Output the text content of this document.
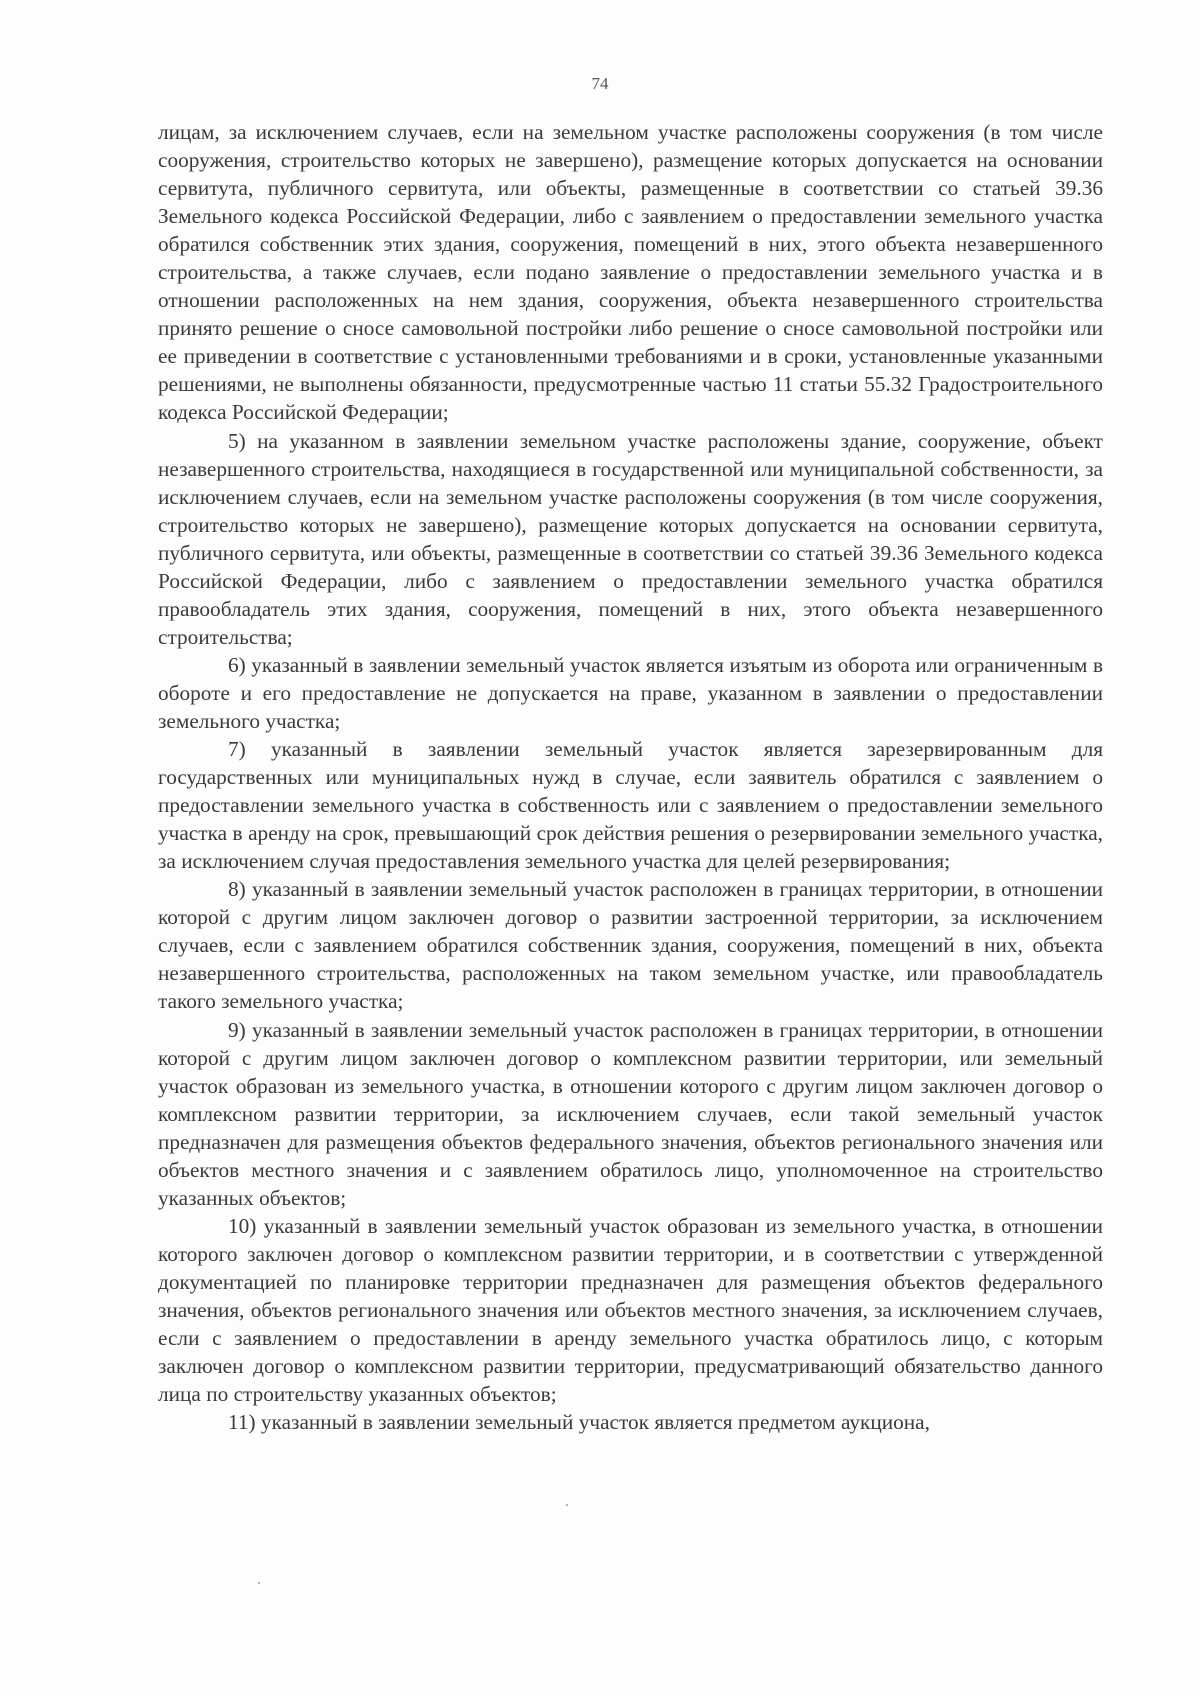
74

лицам, за исключением случаев, если на земельном участке расположены сооружения (в том числе сооружения, строительство которых не завершено), размещение которых допускается на основании сервитута, публичного сервитута, или объекты, размещенные в соответствии со статьей 39.36 Земельного кодекса Российской Федерации, либо с заявлением о предоставлении земельного участка обратился собственник этих здания, сооружения, помещений в них, этого объекта незавершенного строительства, а также случаев, если подано заявление о предоставлении земельного участка и в отношении расположенных на нем здания, сооружения, объекта незавершенного строительства принято решение о сносе самовольной постройки либо решение о сносе самовольной постройки или ее приведении в соответствие с установленными требованиями и в сроки, установленные указанными решениями, не выполнены обязанности, предусмотренные частью 11 статьи 55.32 Градостроительного кодекса Российской Федерации;

5) на указанном в заявлении земельном участке расположены здание, сооружение, объект незавершенного строительства, находящиеся в государственной или муниципальной собственности, за исключением случаев, если на земельном участке расположены сооружения (в том числе сооружения, строительство которых не завершено), размещение которых допускается на основании сервитута, публичного сервитута, или объекты, размещенные в соответствии со статьей 39.36 Земельного кодекса Российской Федерации, либо с заявлением о предоставлении земельного участка обратился правообладатель этих здания, сооружения, помещений в них, этого объекта незавершенного строительства;

6) указанный в заявлении земельный участок является изъятым из оборота или ограниченным в обороте и его предоставление не допускается на праве, указанном в заявлении о предоставлении земельного участка;

7) указанный в заявлении земельный участок является зарезервированным для государственных или муниципальных нужд в случае, если заявитель обратился с заявлением о предоставлении земельного участка в собственность или с заявлением о предоставлении земельного участка в аренду на срок, превышающий срок действия решения о резервировании земельного участка, за исключением случая предоставления земельного участка для целей резервирования;

8) указанный в заявлении земельный участок расположен в границах территории, в отношении которой с другим лицом заключен договор о развитии застроенной территории, за исключением случаев, если с заявлением обратился собственник здания, сооружения, помещений в них, объекта незавершенного строительства, расположенных на таком земельном участке, или правообладатель такого земельного участка;

9) указанный в заявлении земельный участок расположен в границах территории, в отношении которой с другим лицом заключен договор о комплексном развитии территории, или земельный участок образован из земельного участка, в отношении которого с другим лицом заключен договор о комплексном развитии территории, за исключением случаев, если такой земельный участок предназначен для размещения объектов федерального значения, объектов регионального значения или объектов местного значения и с заявлением обратилось лицо, уполномоченное на строительство указанных объектов;

10) указанный в заявлении земельный участок образован из земельного участка, в отношении которого заключен договор о комплексном развитии территории, и в соответствии с утвержденной документацией по планировке территории предназначен для размещения объектов федерального значения, объектов регионального значения или объектов местного значения, за исключением случаев, если с заявлением о предоставлении в аренду земельного участка обратилось лицо, с которым заключен договор о комплексном развитии территории, предусматривающий обязательство данного лица по строительству указанных объектов;

11) указанный в заявлении земельный участок является предметом аукциона,
